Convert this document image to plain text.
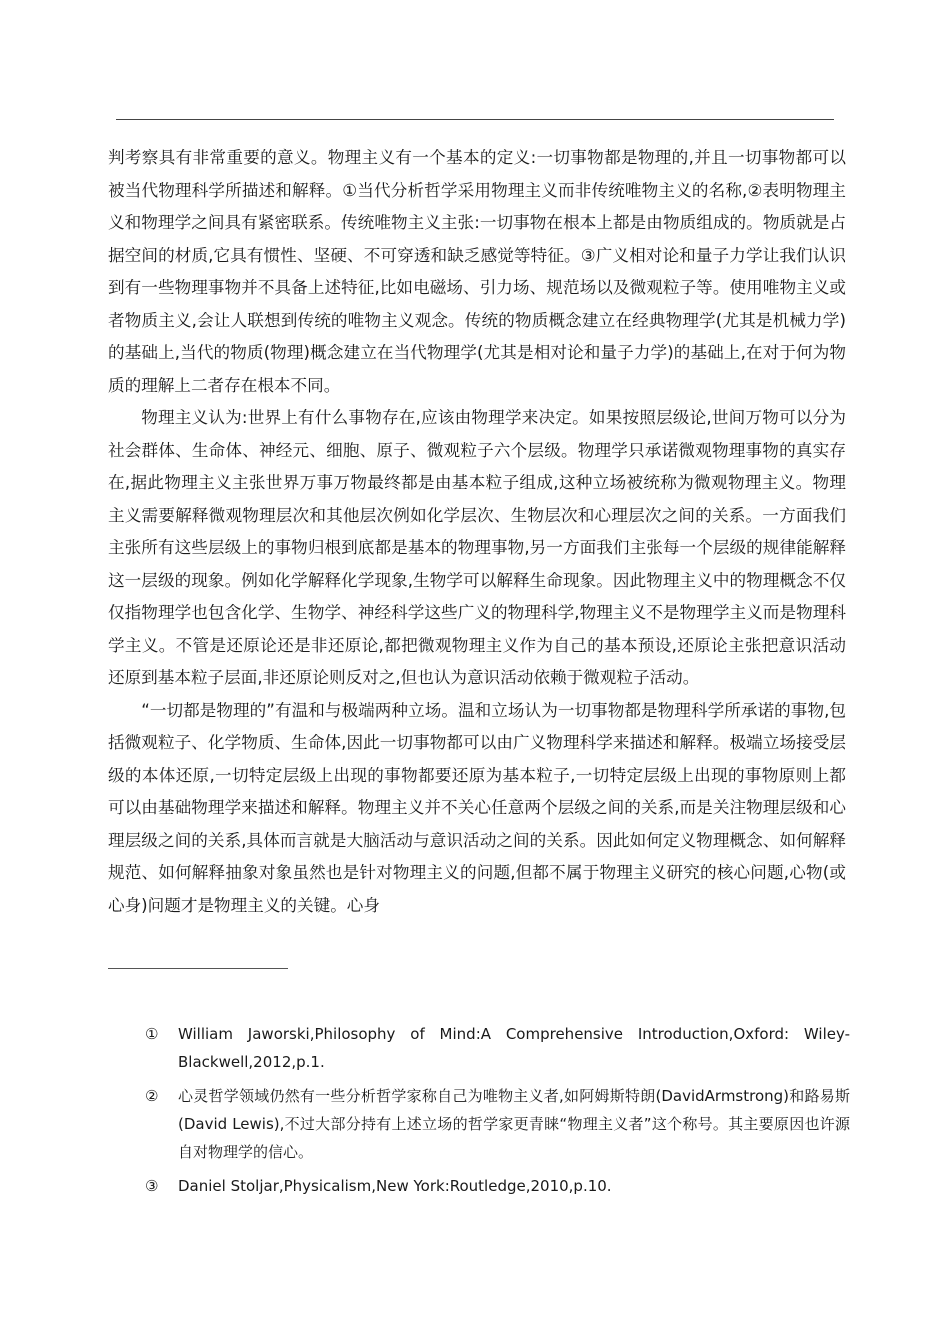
判考察具有非常重要的意义。物理主义有一个基本的定义:一切事物都是物理的,并且一切事物都可以被当代物理科学所描述和解释。①当代分析哲学采用物理主义而非传统唯物主义的名称,②表明物理主义和物理学之间具有紧密联系。传统唯物主义主张:一切事物在根本上都是由物质组成的。物质就是占据空间的材质,它具有惯性、坚硬、不可穿透和缺乏感觉等特征。③广义相对论和量子力学让我们认识到有一些物理事物并不具备上述特征,比如电磁场、引力场、规范场以及微观粒子等。使用唯物主义或者物质主义,会让人联想到传统的唯物主义观念。传统的物质概念建立在经典物理学(尤其是机械力学)的基础上,当代的物质(物理)概念建立在当代物理学(尤其是相对论和量子力学)的基础上,在对于何为物质的理解上二者存在根本不同。

物理主义认为:世界上有什么事物存在,应该由物理学来决定。如果按照层级论,世间万物可以分为社会群体、生命体、神经元、细胞、原子、微观粒子六个层级。物理学只承诺微观物理事物的真实存在,据此物理主义主张世界万事万物最终都是由基本粒子组成,这种立场被统称为微观物理主义。物理主义需要解释微观物理层次和其他层次例如化学层次、生物层次和心理层次之间的关系。一方面我们主张所有这些层级上的事物归根到底都是基本的物理事物,另一方面我们主张每一个层级的规律能解释这一层级的现象。例如化学解释化学现象,生物学可以解释生命现象。因此物理主义中的物理概念不仅仅指物理学也包含化学、生物学、神经科学这些广义的物理科学,物理主义不是物理学主义而是物理科学主义。不管是还原论还是非还原论,都把微观物理主义作为自己的基本预设,还原论主张把意识活动还原到基本粒子层面,非还原论则反对之,但也认为意识活动依赖于微观粒子活动。

“一切都是物理的”有温和与极端两种立场。温和立场认为一切事物都是物理科学所承诺的事物,包括微观粒子、化学物质、生命体,因此一切事物都可以由广义物理科学来描述和解释。极端立场接受层级的本体还原,一切特定层级上出现的事物都要还原为基本粒子,一切特定层级上出现的事物原则上都可以由基础物理学来描述和解释。物理主义并不关心任意两个层级之间的关系,而是关注物理层级和心理层级之间的关系,具体而言就是大脑活动与意识活动之间的关系。因此如何定义物理概念、如何解释规范、如何解释抽象对象虽然也是针对物理主义的问题,但都不属于物理主义研究的核心问题,心物(或心身)问题才是物理主义的关键。心身

①	William Jaworski,Philosophy of Mind:A Comprehensive Introduction,Oxford: Wiley-Blackwell,2012,p.1.
②	心灵哲学领域仍然有一些分析哲学家称自己为唯物主义者,如阿姆斯特朗(DavidArmstrong)和路易斯(David Lewis),不过大部分持有上述立场的哲学家更青睐“物理主义者”这个称号。其主要原因也许源自对物理学的信心。
③	Daniel Stoljar,Physicalism,New York:Routledge,2010,p.10.
